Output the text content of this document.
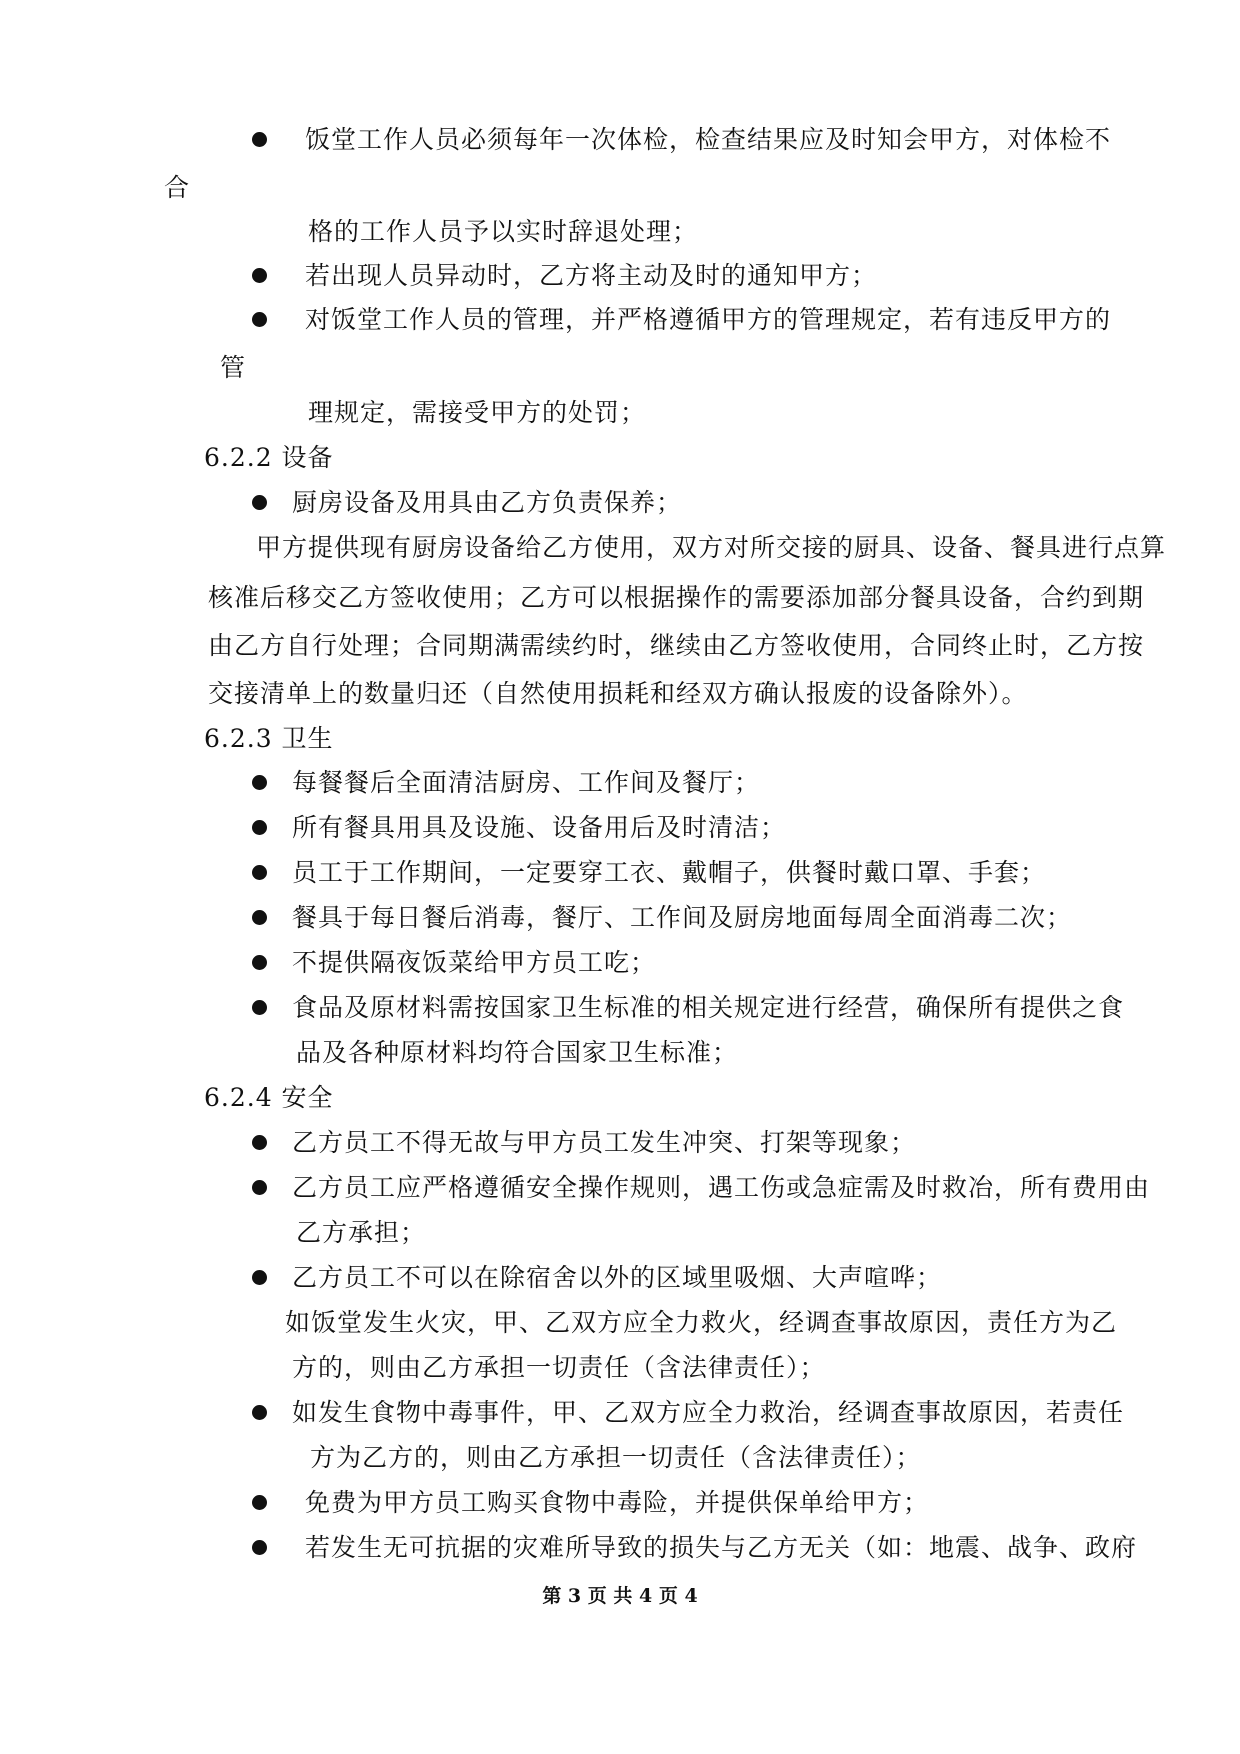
饭堂工作人员必须每年一次体检，检查结果应及时知会甲方，对体检不
合
格的工作人员予以实时辞退处理；
若出现人员异动时，乙方将主动及时的通知甲方；
对饭堂工作人员的管理，并严格遵循甲方的管理规定，若有违反甲方的
管
理规定，需接受甲方的处罚；
6.2.2 设备
厨房设备及用具由乙方负责保养；
甲方提供现有厨房设备给乙方使用，双方对所交接的厨具、设备、餐具进行点算
核准后移交乙方签收使用；乙方可以根据操作的需要添加部分餐具设备，合约到期
由乙方自行处理；合同期满需续约时，继续由乙方签收使用，合同终止时，乙方按
交接清单上的数量归还（自然使用损耗和经双方确认报废的设备除外）。
6.2.3 卫生
每餐餐后全面清洁厨房、工作间及餐厅；
所有餐具用具及设施、设备用后及时清洁；
员工于工作期间，一定要穿工衣、戴帽子，供餐时戴口罩、手套；
餐具于每日餐后消毒，餐厅、工作间及厨房地面每周全面消毒二次；
不提供隔夜饭菜给甲方员工吃；
食品及原材料需按国家卫生标准的相关规定进行经营，确保所有提供之食
品及各种原材料均符合国家卫生标准；
6.2.4 安全
乙方员工不得无故与甲方员工发生冲突、打架等现象；
乙方员工应严格遵循安全操作规则，遇工伤或急症需及时救冶，所有费用由
乙方承担；
乙方员工不可以在除宿舍以外的区域里吸烟、大声喧哗；
如饭堂发生火灾，甲、乙双方应全力救火，经调查事故原因，责任方为乙
方的，则由乙方承担一切责任（含法律责任）；
如发生食物中毒事件，甲、乙双方应全力救治，经调查事故原因，若责任
方为乙方的，则由乙方承担一切责任（含法律责任）；
免费为甲方员工购买食物中毒险，并提供保单给甲方；
若发生无可抗据的灾难所导致的损失与乙方无关（如：地震、战争、政府
第 3 页 共 4 页 4
